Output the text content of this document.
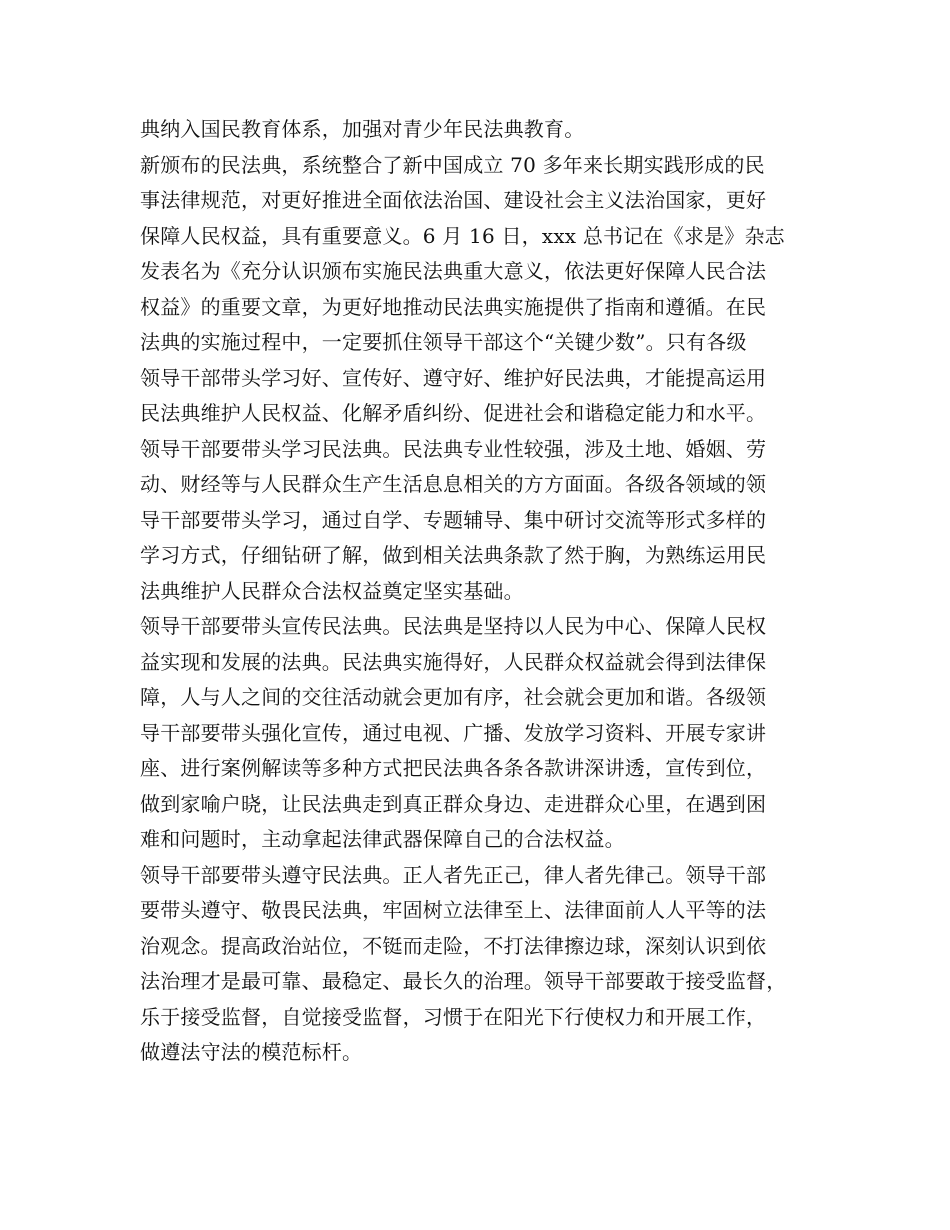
典纳入国民教育体系，加强对青少年民法典教育。
新颁布的民法典，系统整合了新中国成立 70 多年来长期实践形成的民
事法律规范，对更好推进全面依法治国、建设社会主义法治国家，更好
保障人民权益，具有重要意义。6 月 16 日，xxx 总书记在《求是》杂志
发表名为《充分认识颁布实施民法典重大意义，依法更好保障人民合法
权益》的重要文章，为更好地推动民法典实施提供了指南和遵循。在民
法典的实施过程中，一定要抓住领导干部这个“关键少数”。只有各级
领导干部带头学习好、宣传好、遵守好、维护好民法典，才能提高运用
民法典维护人民权益、化解矛盾纠纷、促进社会和谐稳定能力和水平。
领导干部要带头学习民法典。民法典专业性较强，涉及土地、婚姻、劳
动、财经等与人民群众生产生活息息相关的方方面面。各级各领域的领
导干部要带头学习，通过自学、专题辅导、集中研讨交流等形式多样的
学习方式，仔细钻研了解，做到相关法典条款了然于胸，为熟练运用民
法典维护人民群众合法权益奠定坚实基础。
领导干部要带头宣传民法典。民法典是坚持以人民为中心、保障人民权
益实现和发展的法典。民法典实施得好，人民群众权益就会得到法律保
障，人与人之间的交往活动就会更加有序，社会就会更加和谐。各级领
导干部要带头强化宣传，通过电视、广播、发放学习资料、开展专家讲
座、进行案例解读等多种方式把民法典各条各款讲深讲透，宣传到位，
做到家喻户晓，让民法典走到真正群众身边、走进群众心里，在遇到困
难和问题时，主动拿起法律武器保障自己的合法权益。
领导干部要带头遵守民法典。正人者先正己，律人者先律己。领导干部
要带头遵守、敬畏民法典，牢固树立法律至上、法律面前人人平等的法
治观念。提高政治站位，不铤而走险，不打法律擦边球，深刻认识到依
法治理才是最可靠、最稳定、最长久的治理。领导干部要敢于接受监督，
乐于接受监督，自觉接受监督，习惯于在阳光下行使权力和开展工作，
做遵法守法的模范标杆。
